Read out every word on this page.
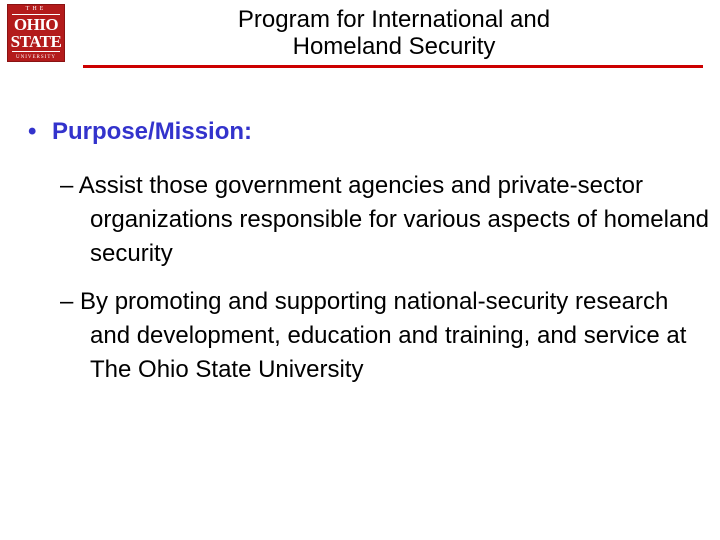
THE
OHIO
STATE
UNIVERSITY
Program for International and
Homeland Security
• Purpose/Mission:
– Assist those government agencies and private-sector organizations responsible for various aspects of homeland security
– By promoting and supporting national-security research and development, education and training, and service at The Ohio State University
